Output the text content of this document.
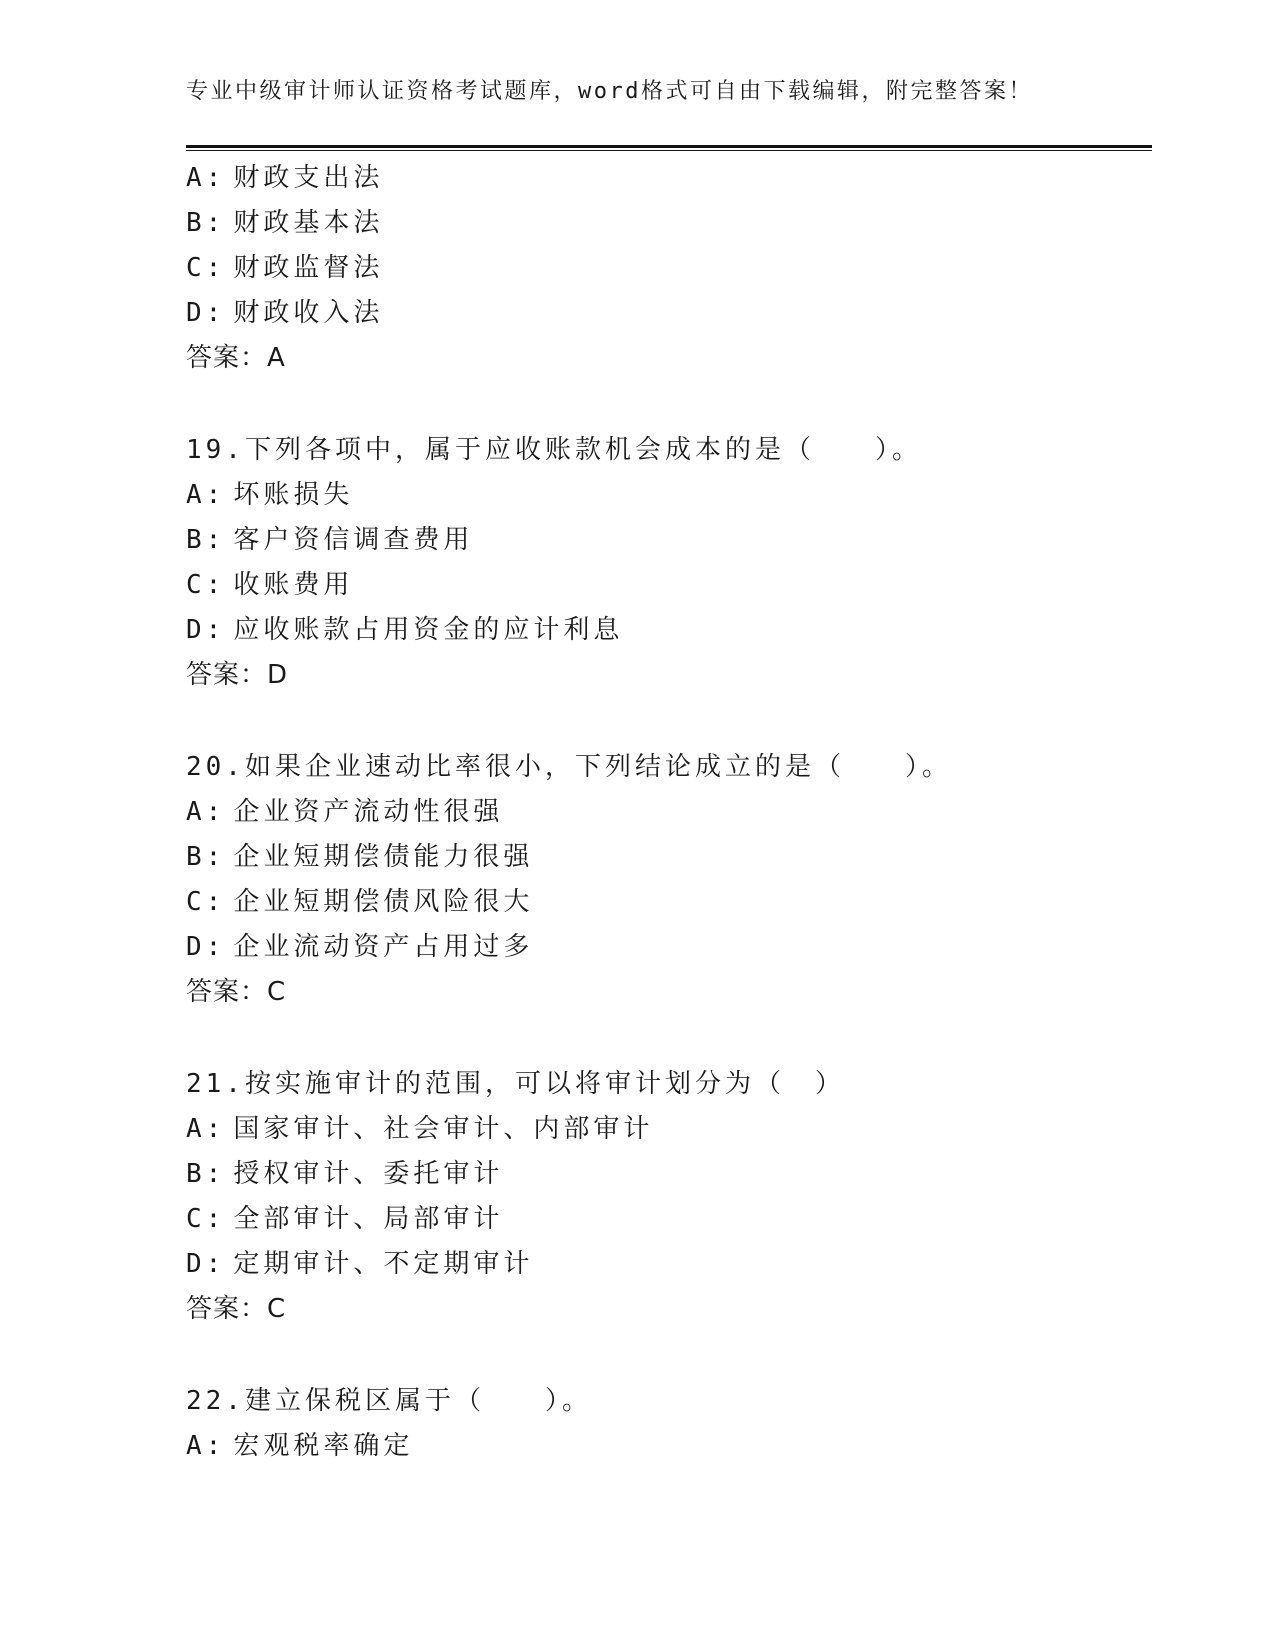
专业中级审计师认证资格考试题库，word格式可自由下载编辑，附完整答案！
A: 财政支出法
B: 财政基本法
C: 财政监督法
D: 财政收入法
答案：A
19.下列各项中，属于应收账款机会成本的是（　　）。
A: 坏账损失
B: 客户资信调查费用
C: 收账费用
D: 应收账款占用资金的应计利息
答案：D
20.如果企业速动比率很小，下列结论成立的是（　　）。
A: 企业资产流动性很强
B: 企业短期偿债能力很强
C: 企业短期偿债风险很大
D: 企业流动资产占用过多
答案：C
21.按实施审计的范围，可以将审计划分为（　）
A: 国家审计、社会审计、内部审计
B: 授权审计、委托审计
C: 全部审计、局部审计
D: 定期审计、不定期审计
答案：C
22.建立保税区属于（　　）。
A: 宏观税率确定
